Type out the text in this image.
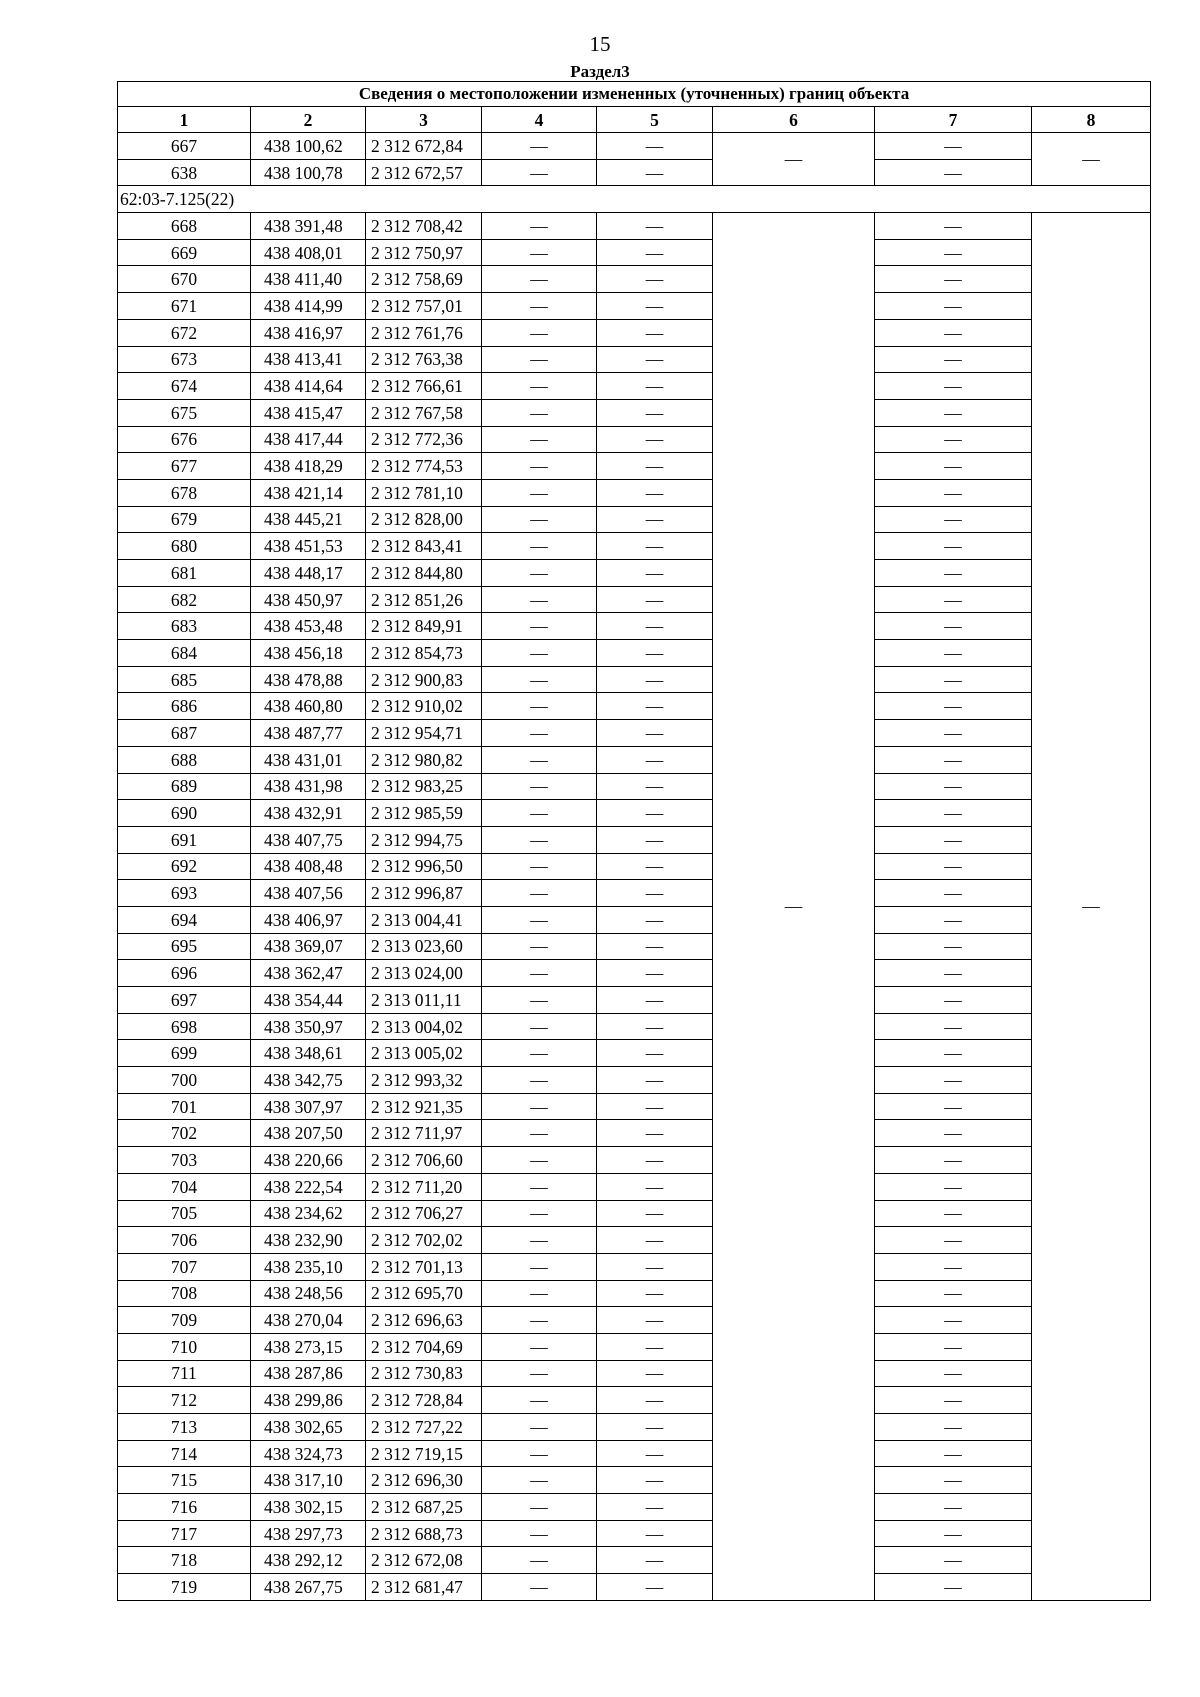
15
Раздел3
Сведения о местоположении измененных (уточненных) границ объекта							
1	2	3	4	5	6	7	8
667	438 100,62	2 312 672,84	—	—	—	—	—
638	438 100,78	2 312 672,57	—	—		—	
62:03-7.125(22)							
668	438 391,48	2 312 708,42	—	—	—	—	—
669	438 408,01	2 312 750,97	—	—		—	
670	438 411,40	2 312 758,69	—	—		—	
671	438 414,99	2 312 757,01	—	—		—	
672	438 416,97	2 312 761,76	—	—		—	
673	438 413,41	2 312 763,38	—	—		—	
674	438 414,64	2 312 766,61	—	—		—	
675	438 415,47	2 312 767,58	—	—		—	
676	438 417,44	2 312 772,36	—	—		—	
677	438 418,29	2 312 774,53	—	—		—	
678	438 421,14	2 312 781,10	—	—		—	
679	438 445,21	2 312 828,00	—	—		—	
680	438 451,53	2 312 843,41	—	—		—	
681	438 448,17	2 312 844,80	—	—		—	
682	438 450,97	2 312 851,26	—	—		—	
683	438 453,48	2 312 849,91	—	—		—	
684	438 456,18	2 312 854,73	—	—		—	
685	438 478,88	2 312 900,83	—	—		—	
686	438 460,80	2 312 910,02	—	—		—	
687	438 487,77	2 312 954,71	—	—		—	
688	438 431,01	2 312 980,82	—	—		—	
689	438 431,98	2 312 983,25	—	—		—	
690	438 432,91	2 312 985,59	—	—		—	
691	438 407,75	2 312 994,75	—	—		—	
692	438 408,48	2 312 996,50	—	—		—	
693	438 407,56	2 312 996,87	—	—		—	
694	438 406,97	2 313 004,41	—	—		—	
695	438 369,07	2 313 023,60	—	—		—	
696	438 362,47	2 313 024,00	—	—		—	
697	438 354,44	2 313 011,11	—	—		—	
698	438 350,97	2 313 004,02	—	—		—	
699	438 348,61	2 313 005,02	—	—		—	
700	438 342,75	2 312 993,32	—	—		—	
701	438 307,97	2 312 921,35	—	—		—	
702	438 207,50	2 312 711,97	—	—		—	
703	438 220,66	2 312 706,60	—	—		—	
704	438 222,54	2 312 711,20	—	—		—	
705	438 234,62	2 312 706,27	—	—		—	
706	438 232,90	2 312 702,02	—	—		—	
707	438 235,10	2 312 701,13	—	—		—	
708	438 248,56	2 312 695,70	—	—		—	
709	438 270,04	2 312 696,63	—	—		—	
710	438 273,15	2 312 704,69	—	—		—	
711	438 287,86	2 312 730,83	—	—		—	
712	438 299,86	2 312 728,84	—	—		—	
713	438 302,65	2 312 727,22	—	—		—	
714	438 324,73	2 312 719,15	—	—		—	
715	438 317,10	2 312 696,30	—	—		—	
716	438 302,15	2 312 687,25	—	—		—	
717	438 297,73	2 312 688,73	—	—		—	
718	438 292,12	2 312 672,08	—	—		—	
719	438 267,75	2 312 681,47	—	—		—	
